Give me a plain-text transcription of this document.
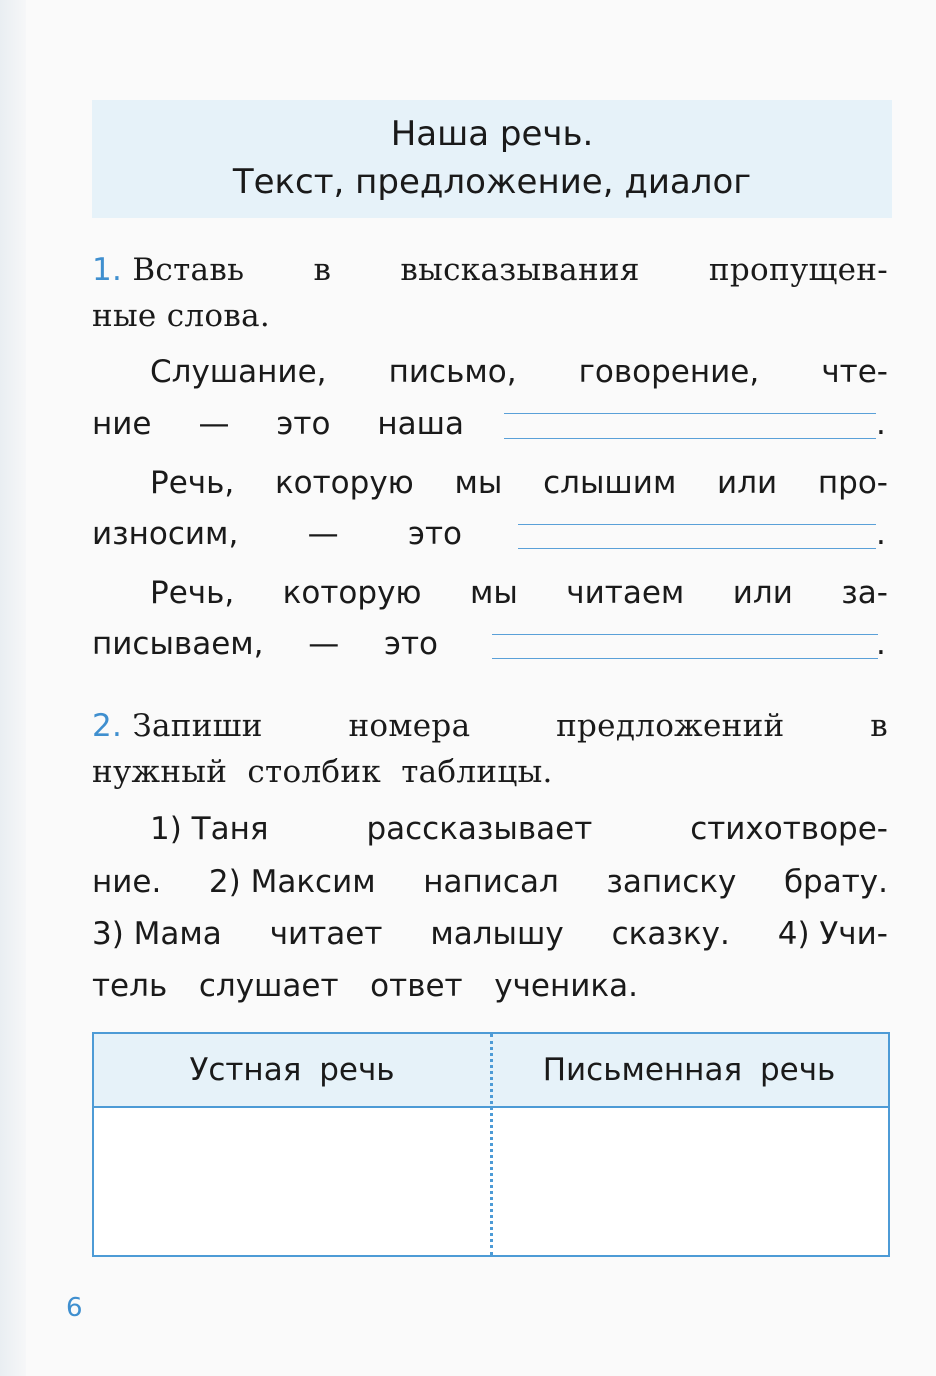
Наша речь.
Текст, предложение, диалог
1. Вставь в высказывания пропущен-
ные слова.
Слушание, письмо, говорение, чте-
ние — это наша	.
Речь, которую мы слышим или про-
износим, — это	.
Речь, которую мы читаем или за-
писываем, — это	.
2. Запиши	номера	предложений	в
нужный столбик таблицы.
1) Таня	рассказывает	стихотворе-
ние. 2) Максим написал записку брату.
3) Мама читает малышу сказку. 4) Учи-
тель слушает ответ ученика.
Устная речь	Письменная речь
6
